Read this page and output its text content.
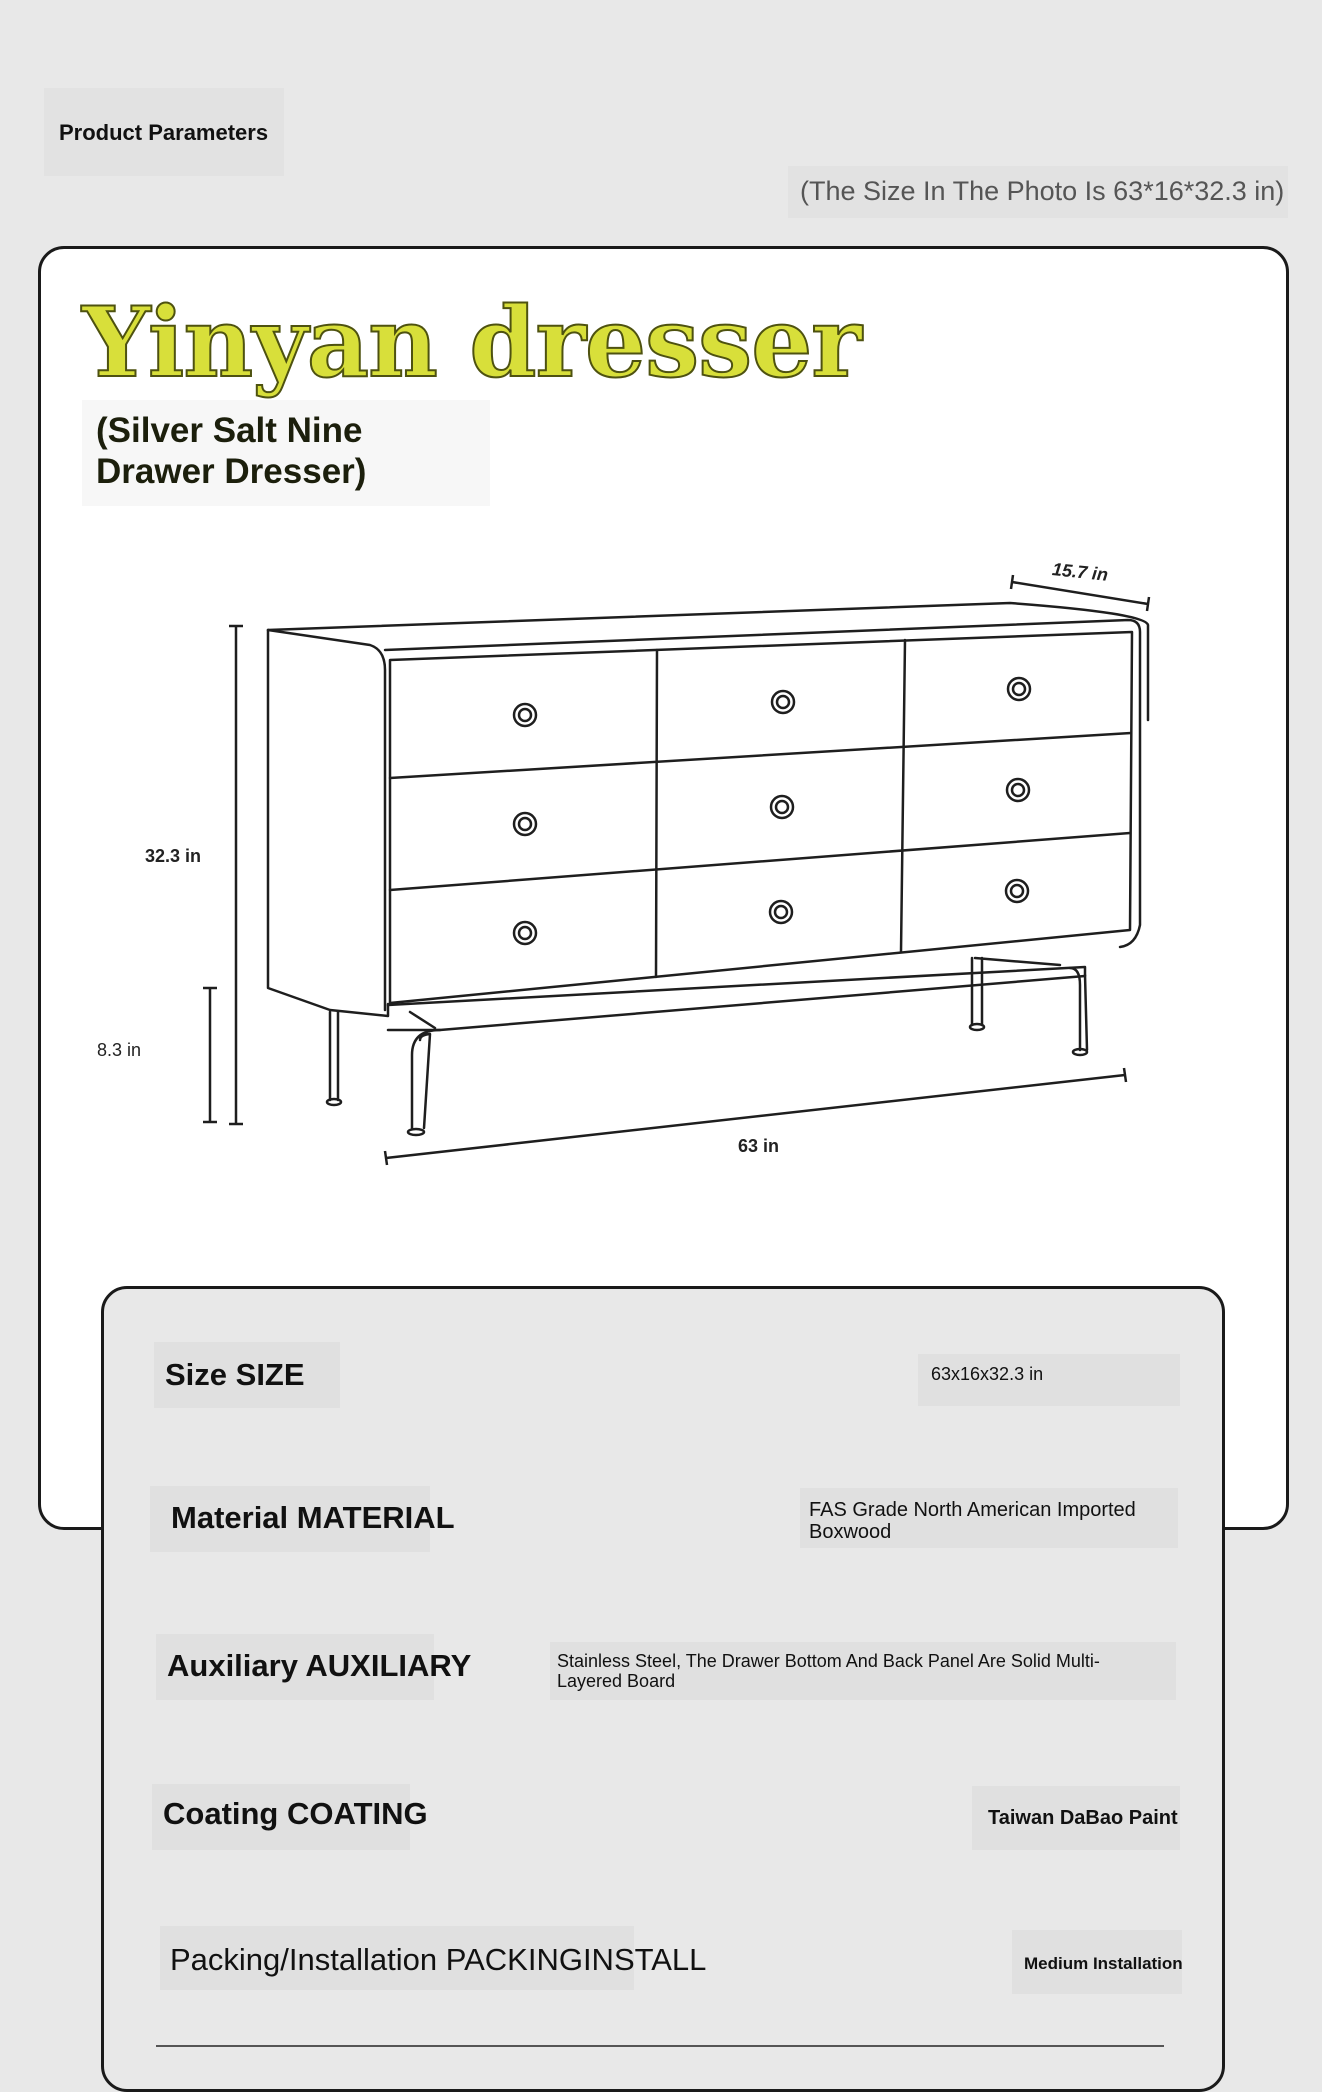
Product Parameters
(The Size In The Photo Is 63*16*32.3 in)
Yinyan dresser
(Silver Salt Nine Drawer Dresser)
32.3 in
8.3 in
63 in
15.7 in
Size SIZE	63x16x32.3 in
Material MATERIAL	FAS Grade North American Imported Boxwood
Auxiliary AUXILIARY	Stainless Steel, The Drawer Bottom And Back Panel Are Solid Multi-Layered Board
Coating COATING	Taiwan DaBao Paint
Packing/Installation PACKINGINSTALL	Medium Installation
